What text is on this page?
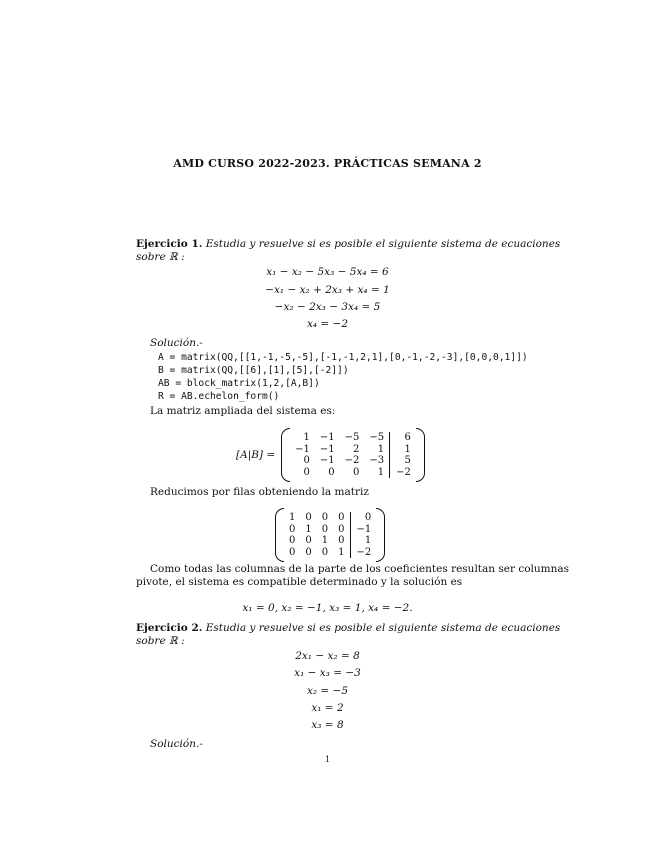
AMD CURSO 2022-2023. PRÁCTICAS SEMANA 2
Ejercicio 1. Estudia y resuelve si es posible el siguiente sistema de ecuaciones
sobre ℝ :
x₁ − x₂ − 5x₃ − 5x₄ = 6
−x₁ − x₂ + 2x₃ + x₄ = 1
−x₂ − 2x₃ − 3x₄ = 5
x₄ = −2
Solución.-
A = matrix(QQ,[[1,-1,-5,-5],[-1,-1,2,1],[0,-1,-2,-3],[0,0,0,1]])
B = matrix(QQ,[[6],[1],[5],[-2]])
AB = block_matrix(1,2,[A,B])
R = AB.echelon_form()
La matriz ampliada del sistema es:
[A|B] =
1	−1	−5	−5	6
−1	−1	2	1	1
0	−1	−2	−3	5
0	0	0	1	−2
Reducimos por filas obteniendo la matriz
1	0	0	0	0
0	1	0	0	−1
0	0	1	0	1
0	0	0	1	−2
Como todas las columnas de la parte de los coeficientes resultan ser columnas
pivote, el sistema es compatible determinado y la solución es
x₁ = 0, x₂ = −1, x₃ = 1, x₄ = −2.
Ejercicio 2. Estudia y resuelve si es posible el siguiente sistema de ecuaciones
sobre ℝ :
2x₁ − x₂ = 8
x₁ − x₃ = −3
x₂ = −5
x₁ = 2
x₃ = 8
Solución.-
1
